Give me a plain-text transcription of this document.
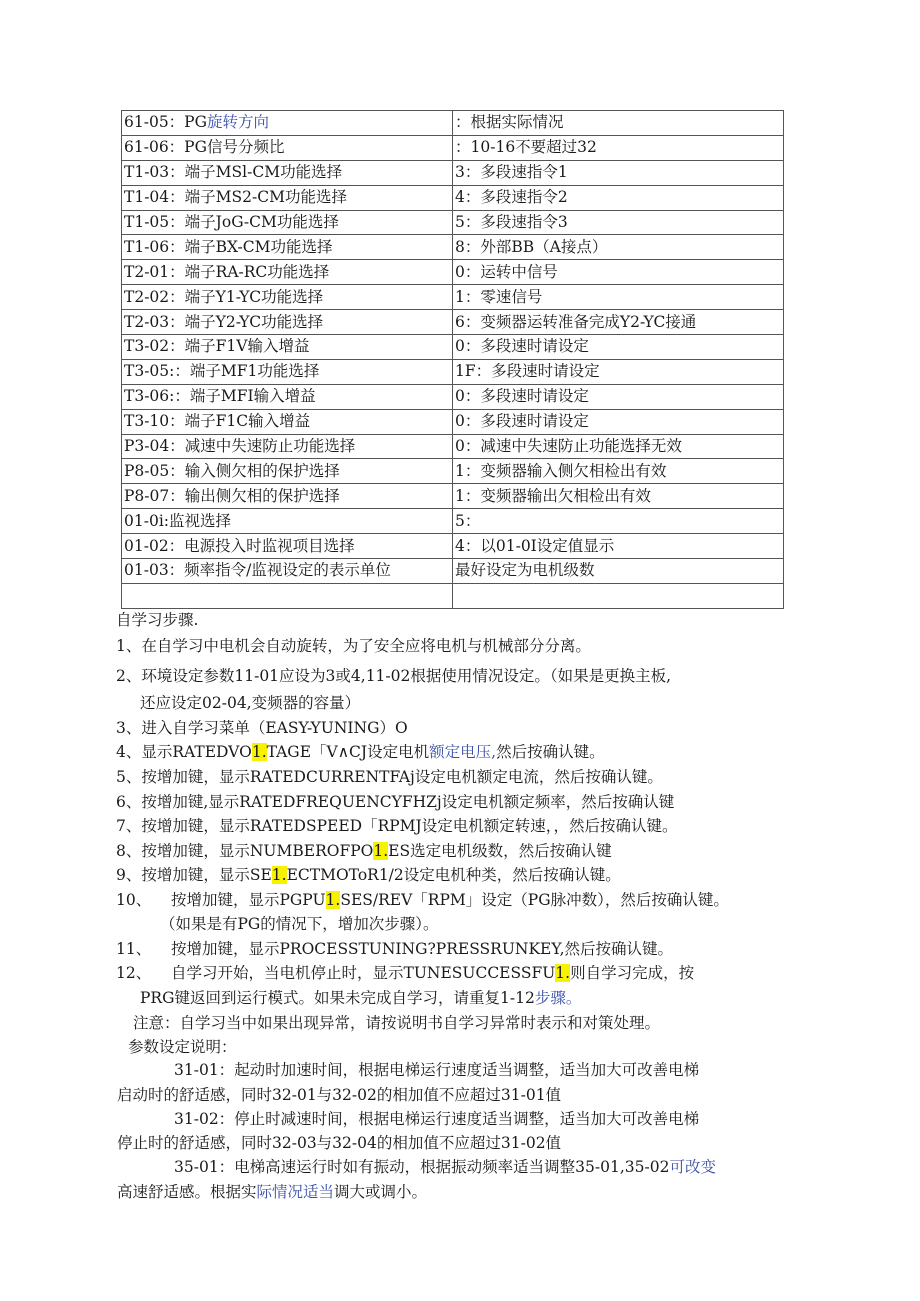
61-05：PG旋转方向	：根据实际情况
61-06：PG信号分频比	：10-16不要超过32
T1-03：端子MSl-CM功能选择	3：多段速指令1
T1-04：端子MS2-CM功能选择	4：多段速指令2
T1-05：端子JoG-CM功能选择	5：多段速指令3
T1-06：端子BX-CM功能选择	8：外部BB（A接点）
T2-01：端子RA-RC功能选择	0：运转中信号
T2-02：端子Y1-YC功能选择	1：零速信号
T2-03：端子Y2-YC功能选择	6：变频器运转准备完成Y2-YC接通
T3-02：端子F1V输入增益	0：多段速时请设定
T3-05:：端子MF1功能选择	1F：多段速时请设定
T3-06:：端子MFI输入增益	0：多段速时请设定
T3-10：端子F1C输入增益	0：多段速时请设定
P3-04：减速中失速防止功能选择	0：减速中失速防止功能选择无效
P8-05：输入侧欠相的保护选择	1：变频器输入侧欠相检出有效
P8-07：输出侧欠相的保护选择	1：变频器输出欠相检出有效
01-0i:监视选择	5：
01-02：电源投入时监视项目选择	4：以01-0I设定值显示
01-03：频率指令/监视设定的表示单位	最好设定为电机级数

自学习步骤.
1、在自学习中电机会自动旋转，为了安全应将电机与机械部分分离。
2、环境设定参数11-01应设为3或4,11-02根据使用情况设定。（如果是更换主板,
还应设定02-04,变频器的容量）
3、进入自学习菜单（EASY-YUNING）O
4、显示RATEDVO1.TAGE「V∧CJ设定电机额定电压,然后按确认键。
5、按增加键，显示RATEDCURRENTFAj设定电机额定电流，然后按确认键。
6、按增加键,显示RATEDFREQUENCYFHZj设定电机额定频率，然后按确认键
7、按增加键，显示RATEDSPEED「RPMJ设定电机额定转速，，然后按确认键。
8、按增加键，显示NUMBEROFPO1.ES选定电机级数，然后按确认键
9、按增加键，显示SE1.ECTMOToR1/2设定电机种类，然后按确认键。
10、 按增加键，显示PGPU1.SES/REV「RPM」设定（PG脉冲数），然后按确认键。
（如果是有PG的情况下，增加次步骤）。
11、 按增加键，显示PROCESSTUNING?PRESSRUNKEY,然后按确认键。
12、 自学习开始，当电机停止时，显示TUNESUCCESSFU1.则自学习完成，按
PRG键返回到运行模式。如果未完成自学习，请重复1-12步骤。
注意：自学习当中如果出现异常，请按说明书自学习异常时表示和对策处理。
参数设定说明：
31-01：起动时加速时间，根据电梯运行速度适当调整，适当加大可改善电梯
启动时的舒适感，同时32-01与32-02的相加值不应超过31-01值
31-02：停止时减速时间，根据电梯运行速度适当调整，适当加大可改善电梯
停止时的舒适感，同时32-03与32-04的相加值不应超过31-02值
35-01：电梯高速运行时如有振动，根据振动频率适当调整35-01,35-02可改变
高速舒适感。根据实际情况适当调大或调小。
